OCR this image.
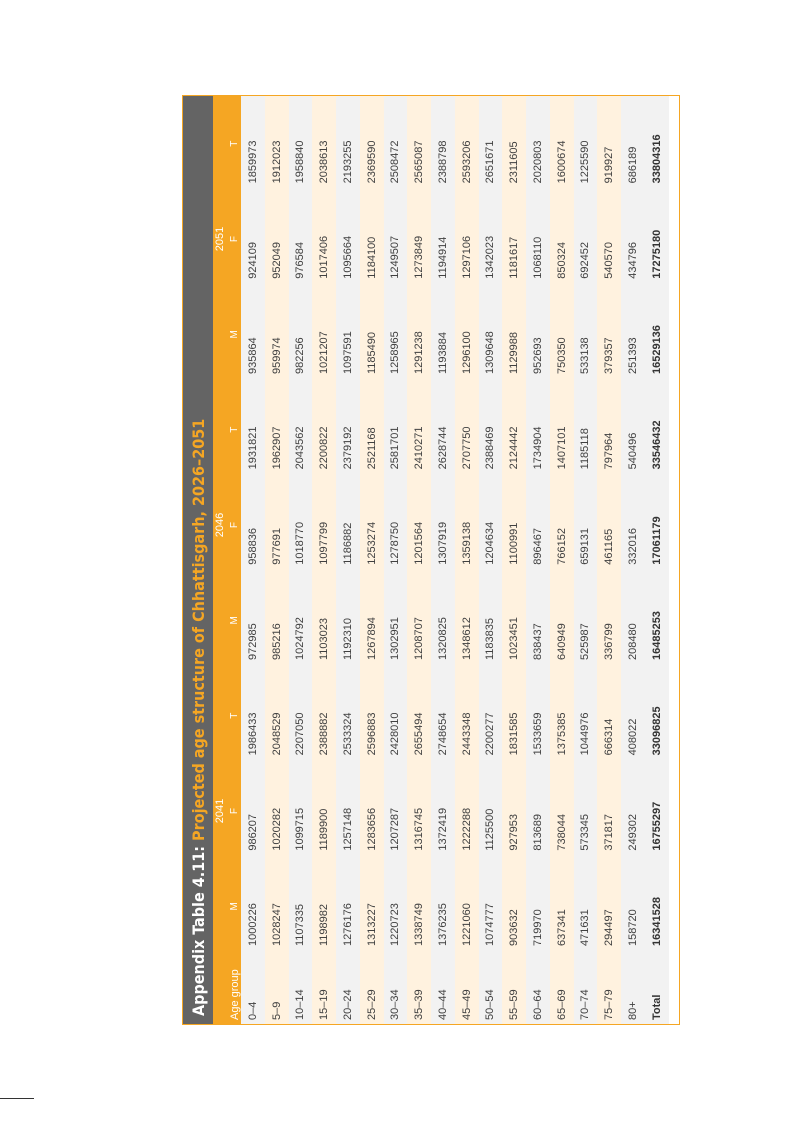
Appendix Table 4.11:

Projected age structure of Chhattisgarh, 2026–2051
Age group	2041			2046			2051		
	M	F	T	M	F	T	M	F	T
0–4	1000226	986207	1986433	972985	958836	1931821	935864	924109	1859973
5–9	1028247	1020282	2048529	985216	977691	1962907	959974	952049	1912023
10–14	1107335	1099715	2207050	1024792	1018770	2043562	982256	976584	1958840
15–19	1198982	1189900	2388882	1103023	1097799	2200822	1021207	1017406	2038613
20–24	1276176	1257148	2533324	1192310	1186882	2379192	1097591	1095664	2193255
25–29	1313227	1283656	2596883	1267894	1253274	2521168	1185490	1184100	2369590
30–34	1220723	1207287	2428010	1302951	1278750	2581701	1258965	1249507	2508472
35–39	1338749	1316745	2655494	1208707	1201564	2410271	1291238	1273849	2565087
40–44	1376235	1372419	2748654	1320825	1307919	2628744	1193884	1194914	2388798
45–49	1221060	1222288	2443348	1348612	1359138	2707750	1296100	1297106	2593206
50–54	1074777	1125500	2200277	1183835	1204634	2388469	1309648	1342023	2651671
55–59	903632	927953	1831585	1023451	1100991	2124442	1129988	1181617	2311605
60–64	719970	813689	1533659	838437	896467	1734904	952693	1068110	2020803
65–69	637341	738044	1375385	640949	766152	1407101	750350	850324	1600674
70–74	471631	573345	1044976	525987	659131	1185118	533138	692452	1225590
75–79	294497	371817	666314	336799	461165	797964	379357	540570	919927
80+	158720	249302	408022	208480	332016	540496	251393	434796	686189
Total	16341528	16755297	33096825	16485253	17061179	33546432	16529136	17275180	33804316
